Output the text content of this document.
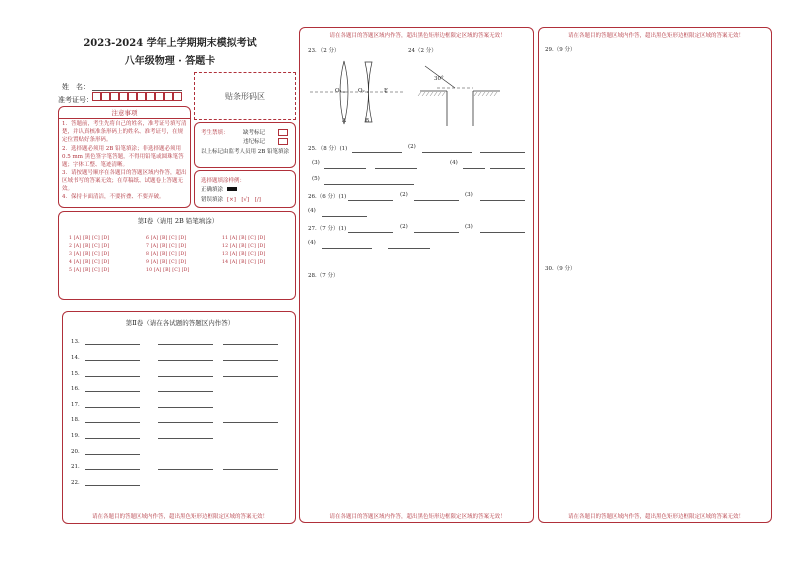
2023-2024 学年上学期期末模拟考试
八年级物理 · 答题卡
姓　名：
准考证号：	贴条形码区
注意事项
1．答题前，考生先将自己的姓名，准考证号填写清楚，并认真核准条形码上的姓名、准考证号，在规定位置贴好条形码。
2．选择题必须用 2B 铅笔填涂；非选择题必须用 0.5 mm 黑色签字笔答题，不得用铅笔或圆珠笔答题；字体工整、笔迹清晰。
3．请按题号顺序在各题目的答题区域内作答，超出区域书写的答案无效；在草稿纸、试题卷上答题无效。
4．保持卡面清洁，不要折叠、不要弄破。
考生禁填：	缺考标记
违纪标记
以上标记由监考人员用 2B 铅笔填涂
选择题填涂样例：
正确填涂
错误填涂 [×]　[√]　[/]
第Ⅰ卷（请用 2B 铅笔填涂）
1 [A] [B] [C] [D]
2 [A] [B] [C] [D]
3 [A] [B] [C] [D]
4 [A] [B] [C] [D]
5 [A] [B] [C] [D]
6 [A] [B] [C] [D]
7 [A] [B] [C] [D]
8 [A] [B] [C] [D]
9 [A] [B] [C] [D]
10 [A] [B] [C] [D]
11 [A] [B] [C] [D]
12 [A] [B] [C] [D]
13 [A] [B] [C] [D]
14 [A] [B] [C] [D]
第Ⅱ卷（请在各试题的答题区内作答）
13．
14．
15．
16．
17．
18．
19．
20．
21．
22．
请在各题目的答题区域内作答，超出黑色矩形边框限定区域的答案无效！
请在各题目的答题区域内作答，超出黑色矩形边框限定区域的答案无效！
请在各题目的答题区域内作答，超出黑色矩形边框限定区域的答案无效！
23．（2 分）	24（2 分）
O₁	O₂	F
A	B
30°
25．（8 分）(1)	(2)
(3)	(4)
(5)
26.（6 分）(1)	(2)	(3)
(4)
27.（7 分）(1)	(2)	(3)
(4)
28.（7 分）
请在各题目的答题区域内作答，超出黑色矩形边框限定区域的答案无效！
请在各题目的答题区域内作答，超出黑色矩形边框限定区域的答案无效！
29.（9 分）
30.（9 分）
